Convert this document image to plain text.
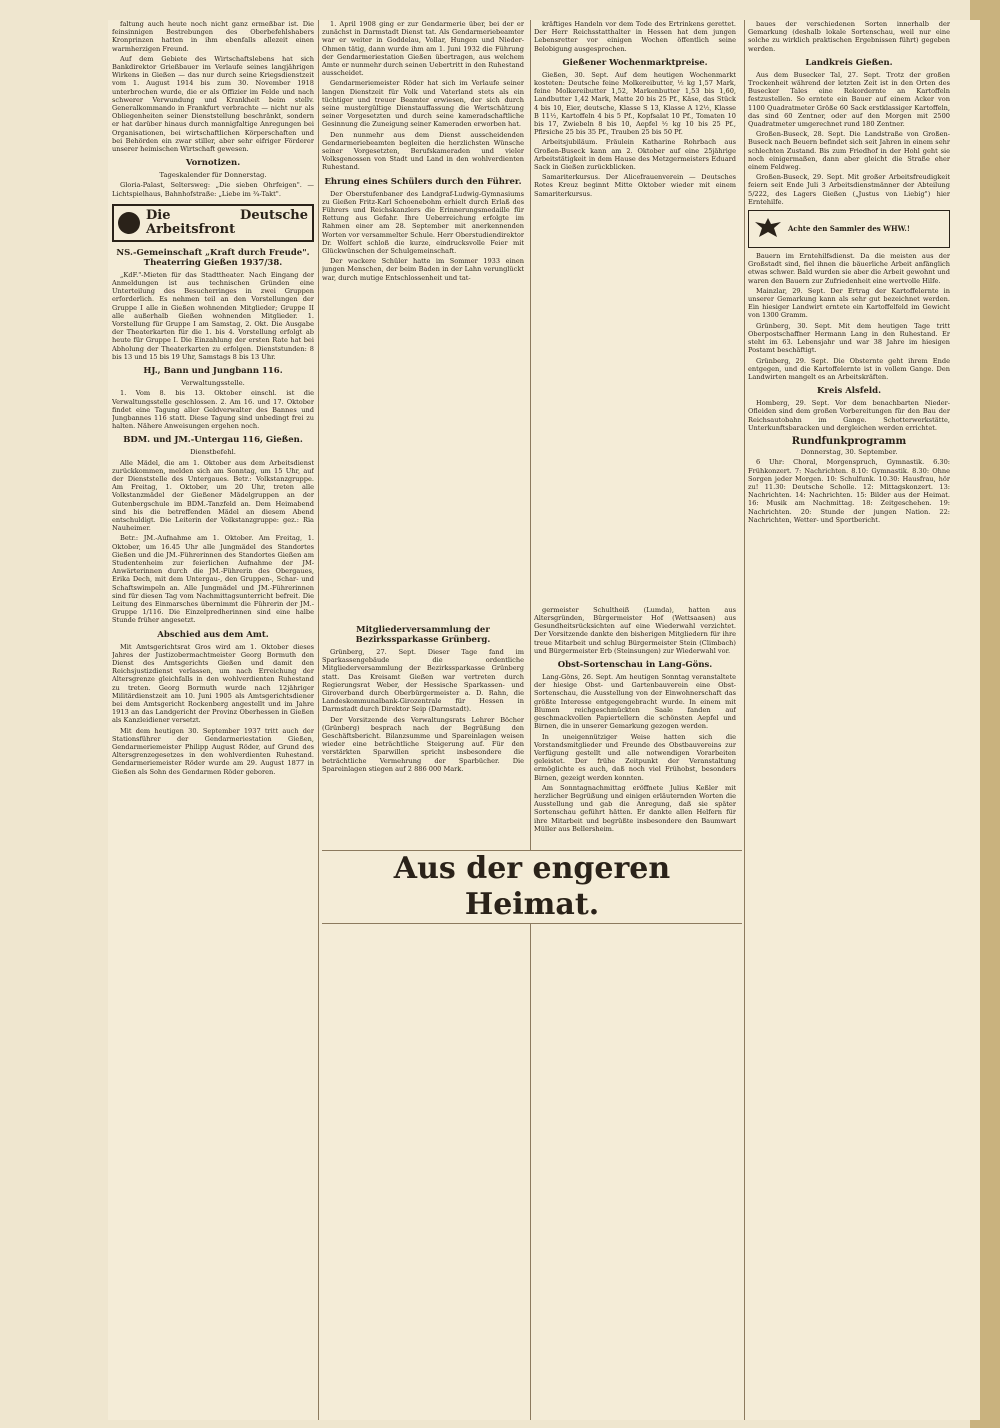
faltung auch heute noch nicht ganz ermeßbar ist. Die feinsinnigen Bestrebungen des Oberbefehlshabers Kronprinzen hatten in ihm ebenfalls allezeit einen warmherzigen Freund.

Auf dem Gebiete des Wirtschaftslebens hat sich Bankdirektor Grießbauer im Verlaufe seines langjährigen Wirkens in Gießen — das nur durch seine Kriegsdienstzeit vom 1. August 1914 bis zum 30. November 1918 unterbrochen wurde, die er als Offizier im Felde und nach schwerer Verwundung und Krankheit beim stellv. Generalkommando in Frankfurt verbrachte — nicht nur als Obliegenheiten seiner Dienststellung beschränkt, sondern er hat darüber hinaus durch mannigfaltige Anregungen bei Organisationen, bei wirtschaftlichen Körperschaften und bei Behörden ein zwar stiller, aber sehr eifriger Förderer unserer heimischen Wirtschaft gewesen.

Vornotizen.
Tageskalender für Donnerstag.

Gloria-Palast, Seltersweg: „Die sieben Ohrfeigen". — Lichtspielhaus, Bahnhofstraße: „Liebe im ¾-Takt".

Die Deutsche Arbeitsfront
NS.-Gemeinschaft „Kraft durch Freude". Theaterring Gießen 1937/38.

„KdF."-Mieten für das Stadttheater. Nach Eingang der Anmeldungen ist aus technischen Gründen eine Unterteilung des Besucherringes in zwei Gruppen erforderlich. Es nehmen teil an den Vorstellungen der Gruppe I alle in Gießen wohnenden Mitglieder; Gruppe II alle außerhalb Gießen wohnenden Mitglieder. 1. Vorstellung für Gruppe I am Samstag, 2. Okt. Die Ausgabe der Theaterkarten für die 1. bis 4. Vorstellung erfolgt ab heute für Gruppe I. Die Einzahlung der ersten Rate hat bei Abholung der Theaterkarten zu erfolgen. Dienststunden: 8 bis 13 und 15 bis 19 Uhr, Samstags 8 bis 13 Uhr.

HJ., Bann und Jungbann 116.
Verwaltungsstelle.

1. Vom 8. bis 13. Oktober einschl. ist die Verwaltungsstelle geschlossen. 2. Am 16. und 17. Oktober findet eine Tagung aller Geldverwalter des Bannes und Jungbannes 116 statt. Diese Tagung sind unbedingt frei zu halten. Nähere Anweisungen ergehen noch.

BDM. und JM.-Untergau 116, Gießen.
Dienstbefehl.

Alle Mädel, die am 1. Oktober aus dem Arbeitsdienst zurückkommen, melden sich am Sonntag, um 15 Uhr, auf der Dienststelle des Untergaues. Betr.: Volkstanzgruppe. Am Freitag, 1. Oktober, um 20 Uhr, treten alle Volkstanzmädel der Gießener Mädelgruppen an der Gutenbergschule im BDM.-Tanzfeld an. Dem Heimabend sind bis die betreffenden Mädel an diesem Abend entschuldigt. Die Leiterin der Volkstanzgruppe: gez.: Ria Nauheimer.

Betr.: JM.-Aufnahme am 1. Oktober. Am Freitag, 1. Oktober, um 16.45 Uhr alle Jungmädel des Standortes Gießen und die JM.-Führerinnen des Standortes Gießen am Studentenheim zur feierlichen Aufnahme der JM-Anwärterinnen durch die JM.-Führerin des Obergaues, Erika Dech, mit dem Untergau-, den Gruppen-, Schar- und Schaftswimpeln an. Alle Jungmädel und JM.-Führerinnen sind für diesen Tag vom Nachmittagsunterricht befreit. Die Leitung des Einmarsches übernimmt die Führerin der JM.-Gruppe 1/116. Die Einzelpredherinnen sind eine halbe Stunde früher angesetzt.

Abschied aus dem Amt.

Mit Amtsgerichtsrat Gros wird am 1. Oktober dieses Jahres der Justizobermachtmeister Georg Bormuth den Dienst des Amtsgerichts Gießen und damit den Reichsjustizdienst verlassen, um nach Erreichung der Altersgrenze gleichfalls in den wohlverdienten Ruhestand zu treten. Georg Bormuth wurde nach 12jähriger Militärdienstzeit am 10. Juni 1905 als Amtsgerichtsdiener bei dem Amtsgericht Rockenberg angestellt und im Jahre 1913 an das Landgericht der Provinz Oberhessen in Gießen als Kanzleidiener versetzt.

Mit dem heutigen 30. September 1937 tritt auch der Stationsführer der Gendarmeriestation Gießen, Gendarmeriemeister Philipp August Röder, auf Grund des Altersgrenzegesetzes in den wohlverdienten Ruhestand. Gendarmeriemeister Röder wurde am 29. August 1877 in Gießen als Sohn des Gendarmen Röder geboren.

1. April 1908 ging er zur Gendarmerie über, bei der er zunächst in Darmstadt Dienst tat. Als Gendarmeriebeamter war er weiter in Goddelau, Vollar, Hungen und Nieder-Ohmen tätig, dann wurde ihm am 1. Juni 1932 die Führung der Gendarmeriestation Gießen übertragen, aus welchem Amte er nunmehr durch seinen Uebertritt in den Ruhestand ausscheidet.

Gendarmeriemeister Röder hat sich im Verlaufe seiner langen Dienstzeit für Volk und Vaterland stets als ein tüchtiger und treuer Beamter erwiesen, der sich durch seine mustergültige Dienstauffassung die Wertschätzung seiner Vorgesetzten und durch seine kameradschaftliche Gesinnung die Zuneigung seiner Kameraden erworben hat.

Den nunmehr aus dem Dienst ausscheidenden Gendarmeriebeamten begleiten die herzlichsten Wünsche seiner Vorgesetzten, Berufskameraden und vieler Volksgenossen von Stadt und Land in den wohlverdienten Ruhestand.

Ehrung eines Schülers durch den Führer.

Der Oberstufenbaner des Landgraf-Ludwig-Gymnasiums zu Gießen Fritz-Karl Schoenebohm erhielt durch Erlaß des Führers und Reichskanzlers die Erinnerungsmedaille für Rettung aus Gefahr. Ihre Ueberreichung erfolgte im Rahmen einer am 28. September mit anerkennenden Worten vor versammelter Schule. Herr Oberstudiendirektor Dr. Wolfert schloß die kurze, eindrucksvolle Feier mit Glückwünschen der Schulgemeinschaft.

Der wackere Schüler hatte im Sommer 1933 einen jungen Menschen, der beim Baden in der Lahn verunglückt war, durch mutige Entschlossenheit und tat-

Mitgliederversammlung der Bezirkssparkasse Grünberg.

Grünberg, 27. Sept. Dieser Tage fand im Sparkassengebäude die ordentliche Mitgliederversammlung der Bezirkssparkasse Grünberg statt. Das Kreisamt Gießen war vertreten durch Regierungsrat Weber, der Hessische Sparkassen- und Giroverband durch Oberbürgermeister a. D. Rahn, die Landeskommunalbank-Girozentrale für Hessen in Darmstadt durch Direktor Seip (Darmstadt).

Der Vorsitzende des Verwaltungsrats Lehrer Böcher (Grünberg) besprach nach der Begrüßung den Geschäftsbericht. Bilanzsumme und Spareinlagen weisen wieder eine beträchtliche Steigerung auf. Für den verstärkten Sparwillen spricht insbesondere die beträchtliche Vermehrung der Sparbücher. Die Spareinlagen stiegen auf 2 886 000 Mark.

kräftiges Handeln vor dem Tode des Ertrinkens gerettet. Der Herr Reichsstatthalter in Hessen hat dem jungen Lebensretter vor einigen Wochen öffentlich seine Belobigung ausgesprochen.

Gießener Wochenmarktpreise.

Gießen, 30. Sept. Auf dem heutigen Wochenmarkt kosteten: Deutsche feine Molkereibutter, ½ kg 1,57 Mark, feine Molkereibutter 1,52, Markenbutter 1,53 bis 1,60, Landbutter 1,42 Mark, Matte 20 bis 25 Pf., Käse, das Stück 4 bis 10, Eier, deutsche, Klasse S 13, Klasse A 12½, Klasse B 11½, Kartoffeln 4 bis 5 Pf., Kopfsalat 10 Pf., Tomaten 10 bis 17, Zwiebeln 8 bis 10, Aepfel ½ kg 10 bis 25 Pf., Pfirsiche 25 bis 35 Pf., Trauben 25 bis 50 Pf.

Arbeitsjubiläum. Fräulein Katharine Rohrbach aus Großen-Buseck kann am 2. Oktober auf eine 25jährige Arbeitstätigkeit in dem Hause des Metzgermeisters Eduard Sack in Gießen zurückblicken.

Samariterkursus. Der Alicefrauenverein — Deutsches Rotes Kreuz beginnt Mitte Oktober wieder mit einem Samariterkursus.

germeister Schultheiß (Lumda), hatten aus Altersgründen, Bürgermeister Hof (Wettsaasen) aus Gesundheitsrücksichten auf eine Wiederwahl verzichtet. Der Vorsitzende dankte den bisherigen Mitgliedern für ihre treue Mitarbeit und schlug Bürgermeister Stein (Climbach) und Bürgermeister Erb (Steinsungen) zur Wiederwahl vor.

Obst-Sortenschau in Lang-Göns.

Lang-Göns, 26. Sept. Am heutigen Sonntag veranstaltete der hiesige Obst- und Gartenbauverein eine Obst-Sortenschau, die Ausstellung von der Einwohnerschaft das größte Interesse entgegengebracht wurde. In einem mit Blumen reichgeschmückten Saale fanden auf geschmackvollen Papiertellern die schönsten Aepfel und Birnen, die in unserer Gemarkung gezogen werden.

In uneigennütziger Weise hatten sich die Vorstandsmitglieder und Freunde des Obstbauvereins zur Verfügung gestellt und alle notwendigen Vorarbeiten geleistet. Der frühe Zeitpunkt der Veranstaltung ermöglichte es auch, daß noch viel Frühobst, besonders Birnen, gezeigt werden konnten.

Am Sonntagnachmittag eröffnete Julius Keßler mit herzlicher Begrüßung und einigen erläuternden Worten die Ausstellung und gab die Anregung, daß sie später Sortenschau geführt hätten. Er dankte allen Helfern für ihre Mitarbeit und begrüßte insbesondere den Baumwart Müller aus Bellersheim.

baues der verschiedenen Sorten innerhalb der Gemarkung (deshalb lokale Sortenschau, weil nur eine solche zu wirklich praktischen Ergebnissen führt) gegeben werden.

Landkreis Gießen.

Aus dem Busecker Tal, 27. Sept. Trotz der großen Trockenheit während der letzten Zeit ist in den Orten des Busecker Tales eine Rekordernte an Kartoffeln festzustellen. So erntete ein Bauer auf einem Acker von 1100 Quadratmeter Größe 60 Sack erstklassiger Kartoffeln, das sind 60 Zentner, oder auf den Morgen mit 2500 Quadratmeter umgerechnet rund 180 Zentner.

Großen-Buseck, 28. Sept. Die Landstraße von Großen-Buseck nach Beuern befindet sich seit Jahren in einem sehr schlechten Zustand. Bis zum Friedhof in der Hohl geht sie noch einigermaßen, dann aber gleicht die Straße eher einem Feldweg.

Großen-Buseck, 29. Sept. Mit großer Arbeitsfreudigkeit feiern seit Ende Juli 3 Arbeitsdienstmänner der Abteilung 5/222, des Lagers Gießen („Justus von Liebig") hier Erntehilfe.

Achte den Sammler des WHW.!

Bauern im Erntehilfsdienst. Da die meisten aus der Großstadt sind, fiel ihnen die bäuerliche Arbeit anfänglich etwas schwer. Bald wurden sie aber die Arbeit gewohnt und waren den Bauern zur Zufriedenheit eine wertvolle Hilfe.

Mainzlar, 29. Sept. Der Ertrag der Kartoffelernte in unserer Gemarkung kann als sehr gut bezeichnet werden. Ein hiesiger Landwirt erntete ein Kartoffelfeld im Gewicht von 1300 Gramm.

Grünberg, 30. Sept. Mit dem heutigen Tage tritt Oberpostschaffner Hermann Lang in den Ruhestand. Er steht im 63. Lebensjahr und war 38 Jahre im hiesigen Postamt beschäftigt.

Grünberg, 29. Sept. Die Obsternte geht ihrem Ende entgegen, und die Kartoffelernte ist in vollem Gange. Den Landwirten mangelt es an Arbeitskräften.

Kreis Alsfeld.

Homberg, 29. Sept. Vor dem benachbarten Nieder-Ofleiden sind dem großen Vorbereitungen für den Bau der Reichsautobahn im Gange. Schotterwerkstätte, Unterkunftsbaracken und dergleichen werden errichtet.

Rundfunkprogramm
Donnerstag, 30. September.

6 Uhr: Choral, Morgenspruch, Gymnastik. 6.30: Frühkonzert. 7: Nachrichten. 8.10: Gymnastik. 8.30: Ohne Sorgen jeder Morgen. 10: Schulfunk. 10.30: Hausfrau, hör zu! 11.30: Deutsche Scholle. 12: Mittagskonzert. 13: Nachrichten. 14: Nachrichten. 15: Bilder aus der Heimat. 16: Musik am Nachmittag. 18: Zeitgeschehen. 19: Nachrichten. 20: Stunde der jungen Nation. 22: Nachrichten, Wetter- und Sportbericht.

Aus der engeren Heimat.
